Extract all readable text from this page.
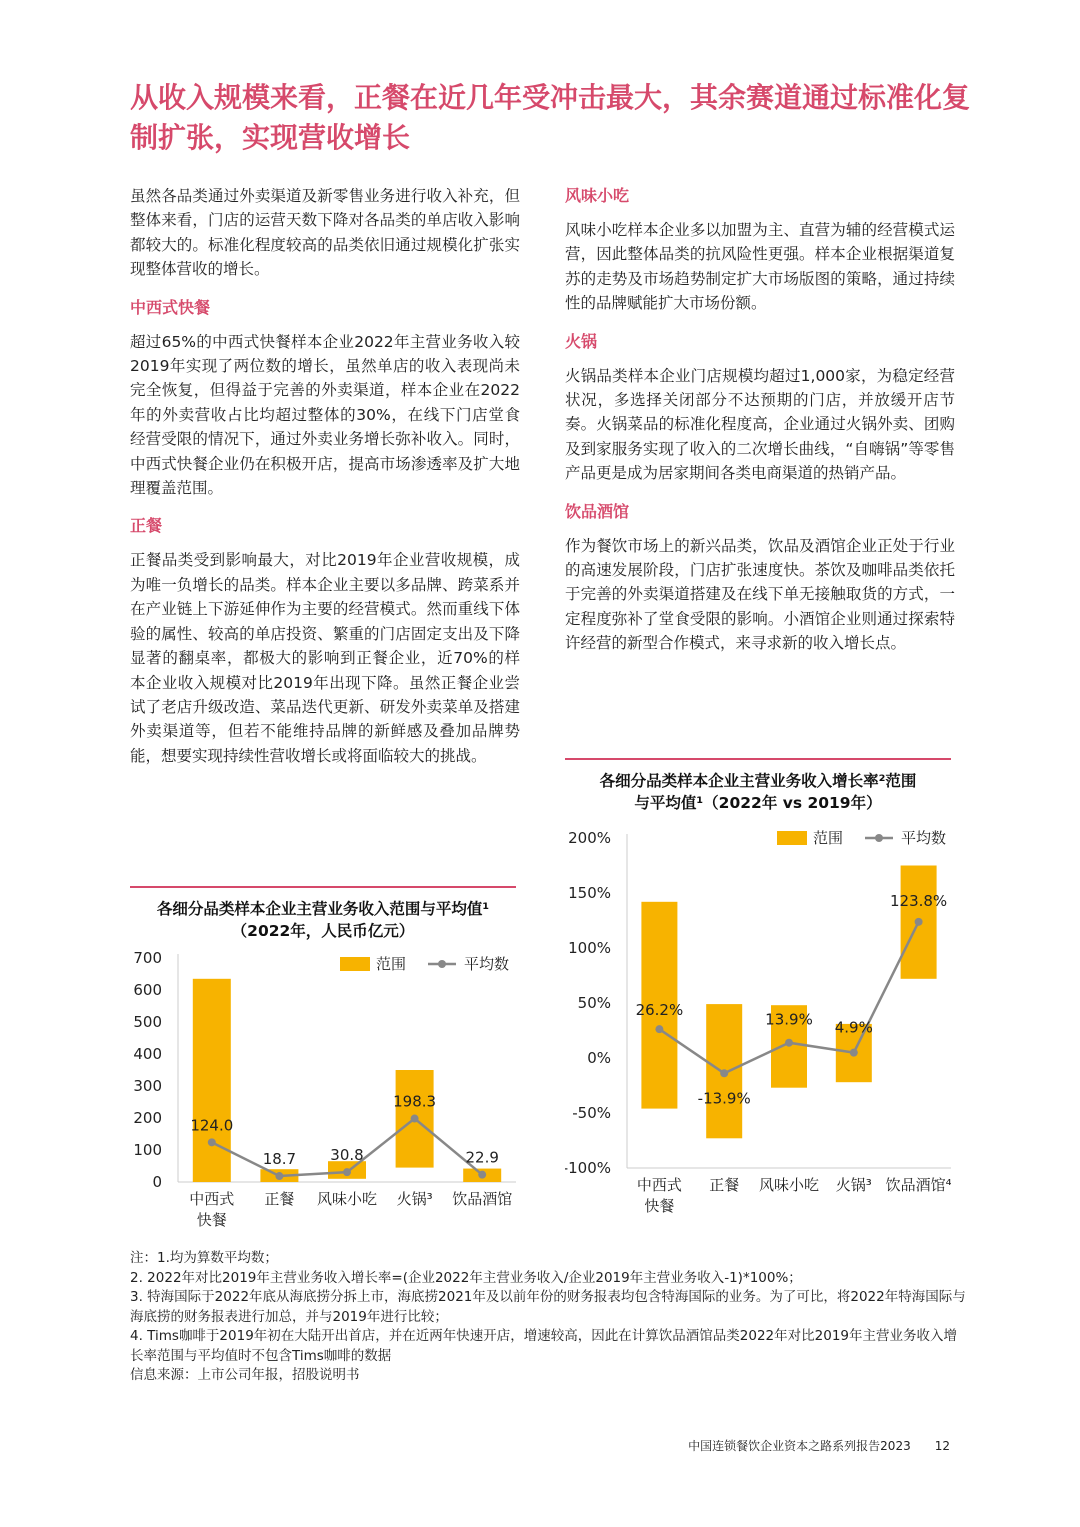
从收入规模来看，正餐在近几年受冲击最大，其余赛道通过标准化复制扩张，实现营收增长

虽然各品类通过外卖渠道及新零售业务进行收入补充，但整体来看，门店的运营天数下降对各品类的单店收入影响都较大的。标准化程度较高的品类依旧通过规模化扩张实现整体营收的增长。

中西式快餐

超过65%的中西式快餐样本企业2022年主营业务收入较2019年实现了两位数的增长，虽然单店的收入表现尚未完全恢复，但得益于完善的外卖渠道，样本企业在2022年的外卖营收占比均超过整体的30%，在线下门店堂食经营受限的情况下，通过外卖业务增长弥补收入。同时，中西式快餐企业仍在积极开店，提高市场渗透率及扩大地理覆盖范围。

正餐

正餐品类受到影响最大，对比2019年企业营收规模，成为唯一负增长的品类。样本企业主要以多品牌、跨菜系并在产业链上下游延伸作为主要的经营模式。然而重线下体验的属性、较高的单店投资、繁重的门店固定支出及下降显著的翻桌率，都极大的影响到正餐企业，近70%的样本企业收入规模对比2019年出现下降。虽然正餐企业尝试了老店升级改造、菜品迭代更新、研发外卖菜单及搭建外卖渠道等，但若不能维持品牌的新鲜感及叠加品牌势能，想要实现持续性营收增长或将面临较大的挑战。

风味小吃

风味小吃样本企业多以加盟为主、直营为辅的经营模式运营，因此整体品类的抗风险性更强。样本企业根据渠道复苏的走势及市场趋势制定扩大市场版图的策略，通过持续性的品牌赋能扩大市场份额。

火锅

火锅品类样本企业门店规模均超过1,000家，为稳定经营状况，多选择关闭部分不达预期的门店，并放缓开店节奏。火锅菜品的标准化程度高，企业通过火锅外卖、团购及到家服务实现了收入的二次增长曲线，“自嗨锅”等零售产品更是成为居家期间各类电商渠道的热销产品。

饮品酒馆

作为餐饮市场上的新兴品类，饮品及酒馆企业正处于行业的高速发展阶段，门店扩张速度快。茶饮及咖啡品类依托于完善的外卖渠道搭建及在线下单无接触取货的方式，一定程度弥补了堂食受限的影响。小酒馆企业则通过探索特许经营的新型合作模式，来寻求新的收入增长点。

各细分品类样本企业主营业务收入范围与平均值¹
（2022年，人民币亿元）
0
100
200
300
400
500
600
700
124.0
18.7 30.8
198.3
22.9
中西式
快餐
正餐 风味小吃 火锅³ 饮品酒馆
范围	平均数
各细分品类样本企业主营业务收入增长率²范围
与平均值¹（2022年 vs 2019年）
-100%
-50%
0%
50%
100%
150%
200%
26.2%
-13.9%
13.9% 4.9%
123.8%
中西式
快餐
正餐 风味小吃 火锅³ 饮品酒馆⁴
范围	平均数

注：1.均为算数平均数；

2. 2022年对比2019年主营业务收入增长率=(企业2022年主营业务收入/企业2019年主营业务收入-1)*100%；

3. 特海国际于2022年底从海底捞分拆上市，海底捞2021年及以前年份的财务报表均包含特海国际的业务。为了可比，将2022年特海国际与海底捞的财务报表进行加总，并与2019年进行比较；

4. Tims咖啡于2019年初在大陆开出首店，并在近两年快速开店，增速较高，因此在计算饮品酒馆品类2022年对比2019年主营业务收入增长率范围与平均值时不包含Tims咖啡的数据

信息来源：上市公司年报，招股说明书

中国连锁餐饮企业资本之路系列报告2023 12
